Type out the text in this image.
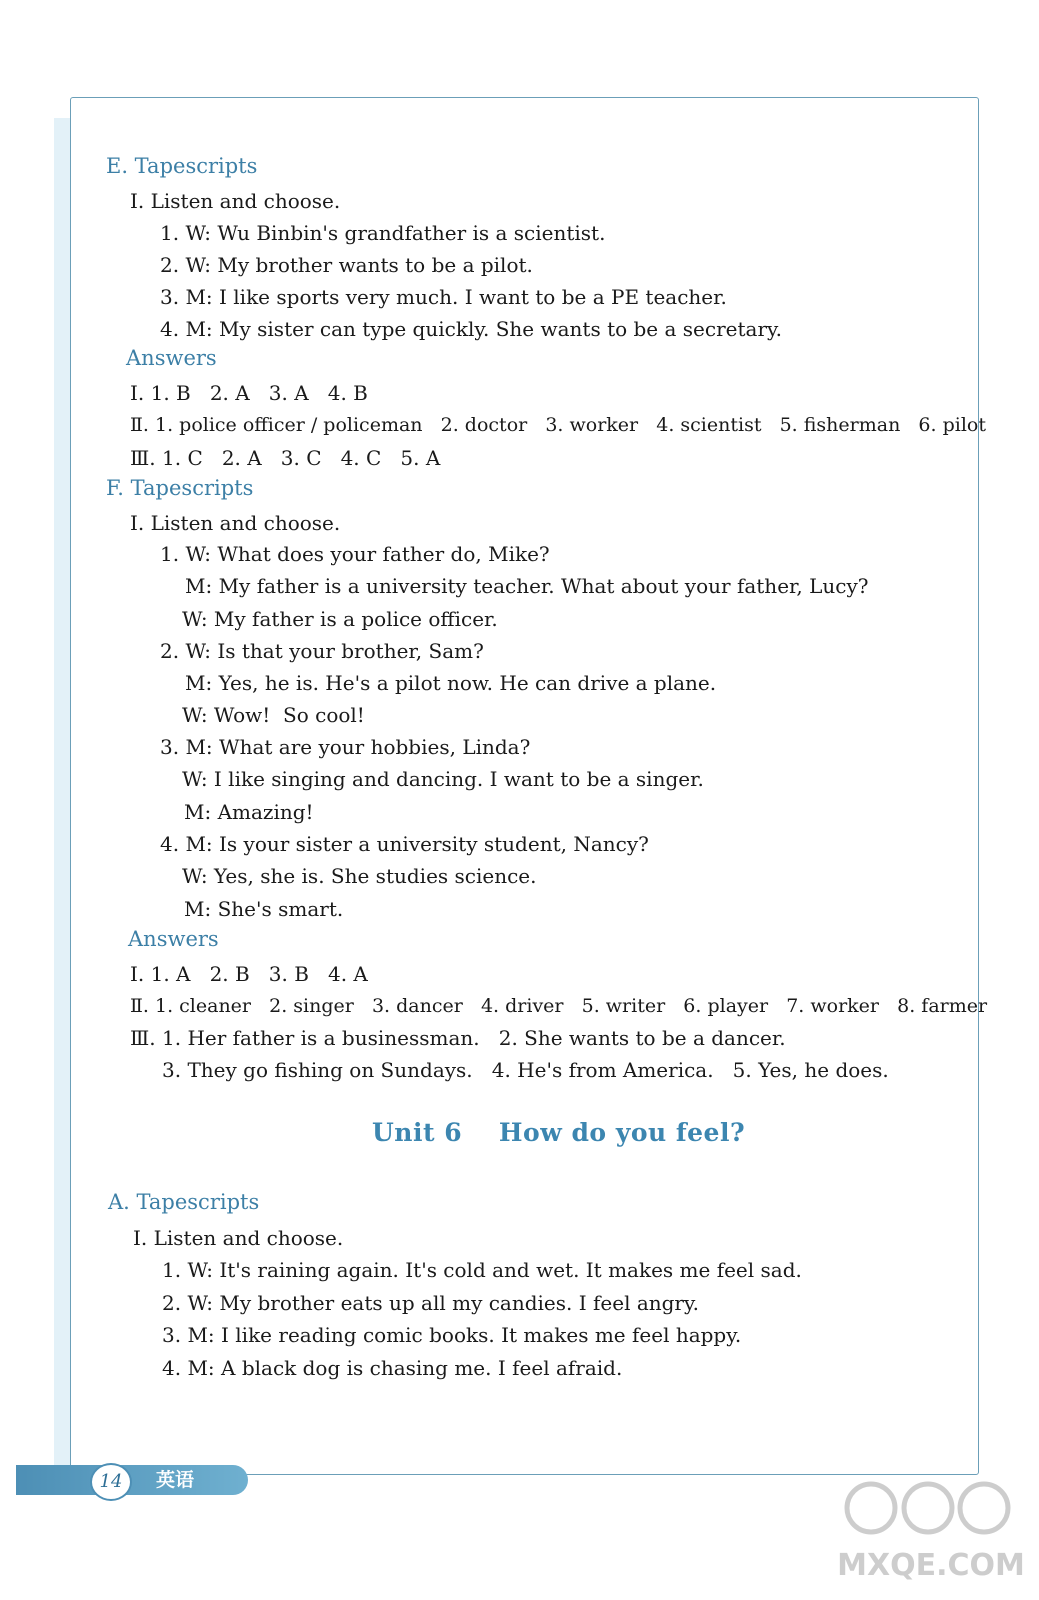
E. Tapescripts
Ⅰ. Listen and choose.
1. W: Wu Binbin's grandfather is a scientist.
2. W: My brother wants to be a pilot.
3. M: I like sports very much. I want to be a PE teacher.
4. M: My sister can type quickly. She wants to be a secretary.
Answers
Ⅰ. 1. B   2. A   3. A   4. B
Ⅱ. 1. police officer / policeman   2. doctor   3. worker   4. scientist   5. fisherman   6. pilot
Ⅲ. 1. C   2. A   3. C   4. C   5. A
F. Tapescripts
Ⅰ. Listen and choose.
1. W: What does your father do, Mike?
M: My father is a university teacher. What about your father, Lucy?
W: My father is a police officer.
2. W: Is that your brother, Sam?
M: Yes, he is. He's a pilot now. He can drive a plane.
W: Wow!  So cool!
3. M: What are your hobbies, Linda?
W: I like singing and dancing. I want to be a singer.
M: Amazing!
4. M: Is your sister a university student, Nancy?
W: Yes, she is. She studies science.
M: She's smart.
Answers
Ⅰ. 1. A   2. B   3. B   4. A
Ⅱ. 1. cleaner   2. singer   3. dancer   4. driver   5. writer   6. player   7. worker   8. farmer
Ⅲ. 1. Her father is a businessman.   2. She wants to be a dancer.
3. They go fishing on Sundays.   4. He's from America.   5. Yes, he does.
Unit 6    How do you feel?
A. Tapescripts
Ⅰ. Listen and choose.
1. W: It's raining again. It's cold and wet. It makes me feel sad.
2. W: My brother eats up all my candies. I feel angry.
3. M: I like reading comic books. It makes me feel happy.
4. M: A black dog is chasing me. I feel afraid.
14	英语
MXQE.COM
